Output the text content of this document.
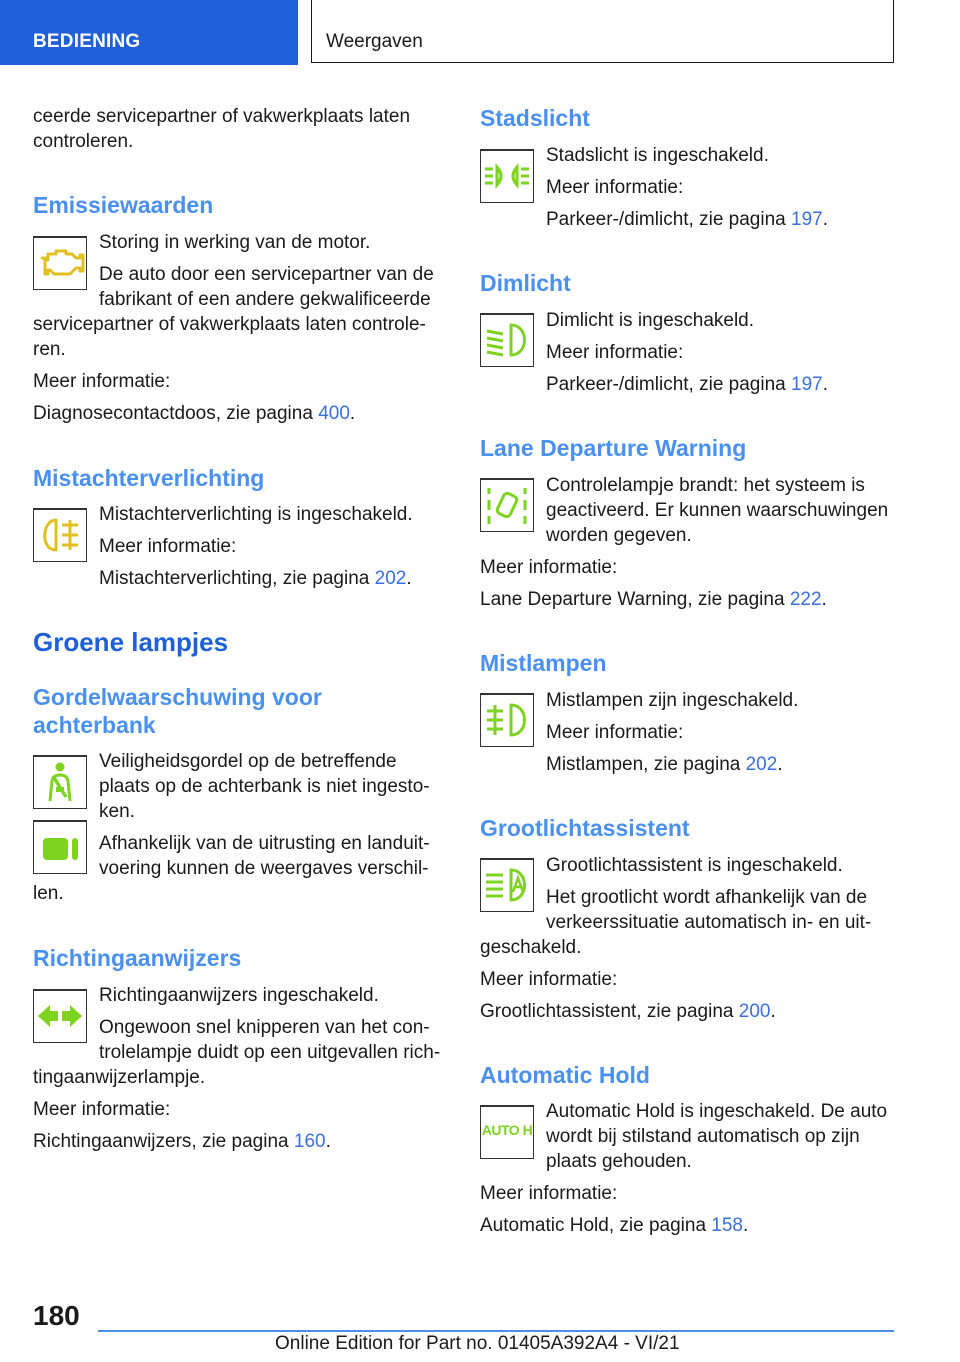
BEDIENING	Weergaven
ceerde servicepartner of vakwerkplaats laten
controleren.
Emissiewaarden
Storing in werking van de motor.
De auto door een servicepartner van de
fabrikant of een andere gekwalificeerde
servicepartner of vakwerkplaats laten controle-
ren.
Meer informatie:
Diagnosecontactdoos, zie pagina 400.
Mistachterverlichting
Mistachterverlichting is ingeschakeld.
Meer informatie:
Mistachterverlichting, zie pagina 202.
Groene lampjes
Gordelwaarschuwing voor
achterbank
Veiligheidsgordel op de betreffende
plaats op de achterbank is niet ingesto-
ken.
Afhankelijk van de uitrusting en landuit-
voering kunnen de weergaves verschil-
len.
Richtingaanwijzers
Richtingaanwijzers ingeschakeld.
Ongewoon snel knipperen van het con-
trolelampje duidt op een uitgevallen rich-
tingaanwijzerlampje.
Meer informatie:
Richtingaanwijzers, zie pagina 160.
Stadslicht
Stadslicht is ingeschakeld.
Meer informatie:
Parkeer-/dimlicht, zie pagina 197.
Dimlicht
Dimlicht is ingeschakeld.
Meer informatie:
Parkeer-/dimlicht, zie pagina 197.
Lane Departure Warning
Controlelampje brandt: het systeem is
geactiveerd. Er kunnen waarschuwingen
worden gegeven.
Meer informatie:
Lane Departure Warning, zie pagina 222.
Mistlampen
Mistlampen zijn ingeschakeld.
Meer informatie:
Mistlampen, zie pagina 202.
Grootlichtassistent
Grootlichtassistent is ingeschakeld.
Het grootlicht wordt afhankelijk van de
verkeerssituatie automatisch in- en uit-
geschakeld.
Meer informatie:
Grootlichtassistent, zie pagina 200.
Automatic Hold
AUTO H
Automatic Hold is ingeschakeld. De auto
wordt bij stilstand automatisch op zijn
plaats gehouden.
Meer informatie:
Automatic Hold, zie pagina 158.
180
Online Edition for Part no. 01405A392A4 - VI/21
